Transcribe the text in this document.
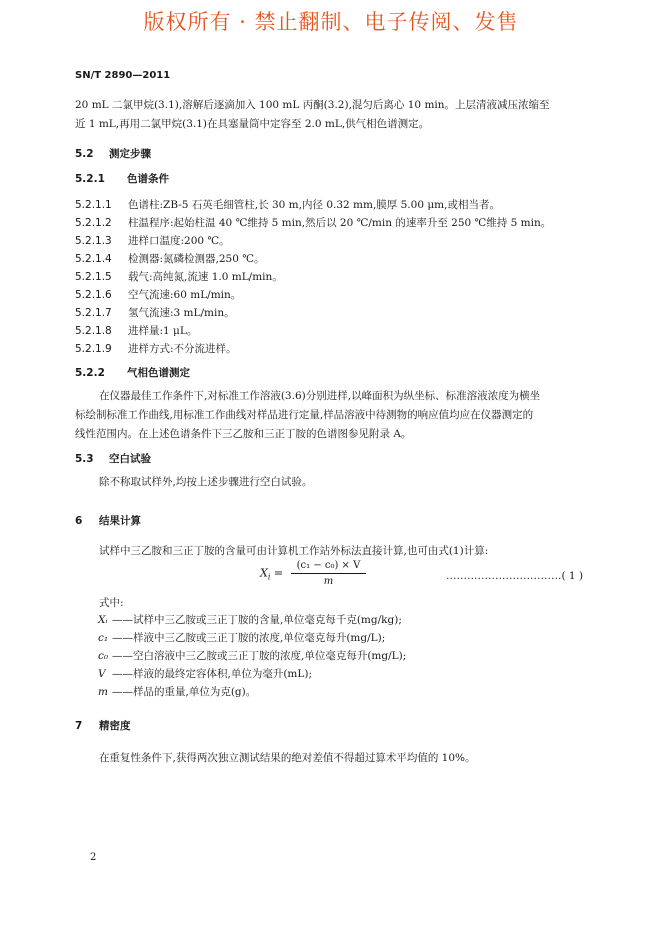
版权所有 · 禁止翻制、电子传阅、发售
SN/T 2890—2011
20 mL 二氯甲烷(3.1),溶解后逐滴加入 100 mL 丙酮(3.2),混匀后离心 10 min。上层清液减压浓缩至
近 1 mL,再用二氯甲烷(3.1)在具塞量筒中定容至 2.0 mL,供气相色谱测定。
5.2 测定步骤
5.2.1 色谱条件
5.2.1.1 色谱柱:ZB-5 石英毛细管柱,长 30 m,内径 0.32 mm,膜厚 5.00 μm,或相当者。
5.2.1.2 柱温程序:起始柱温 40 ℃维持 5 min,然后以 20 ℃/min 的速率升至 250 ℃维持 5 min。
5.2.1.3 进样口温度:200 ℃。
5.2.1.4 检测器:氮磷检测器,250 ℃。
5.2.1.5 载气:高纯氮,流速 1.0 mL/min。
5.2.1.6 空气流速:60 mL/min。
5.2.1.7 氢气流速:3 mL/min。
5.2.1.8 进样量:1 μL。
5.2.1.9 进样方式:不分流进样。
5.2.2 气相色谱测定
在仪器最佳工作条件下,对标准工作溶液(3.6)分别进样,以峰面积为纵坐标、标准溶液浓度为横坐
标绘制标准工作曲线,用标准工作曲线对样品进行定量,样品溶液中待测物的响应值均应在仪器测定的
线性范围内。在上述色谱条件下三乙胺和三正丁胺的色谱图参见附录 A。
5.3 空白试验
除不称取试样外,均按上述步骤进行空白试验。
6 结果计算
试样中三乙胺和三正丁胺的含量可由计算机工作站外标法直接计算,也可由式(1)计算:
$X_i = \frac{\text{(c₁ − c₀) × V}}{m}$	……………………………( 1 )
式中:
Xᵢ ——试样中三乙胺或三正丁胺的含量,单位毫克每千克(mg/kg);
c₁ ——样液中三乙胺或三正丁胺的浓度,单位毫克每升(mg/L);
c₀ ——空白溶液中三乙胺或三正丁胺的浓度,单位毫克每升(mg/L);
V ——样液的最终定容体积,单位为毫升(mL);
m ——样品的重量,单位为克(g)。
7 精密度
在重复性条件下,获得两次独立测试结果的绝对差值不得超过算术平均值的 10%。
2
